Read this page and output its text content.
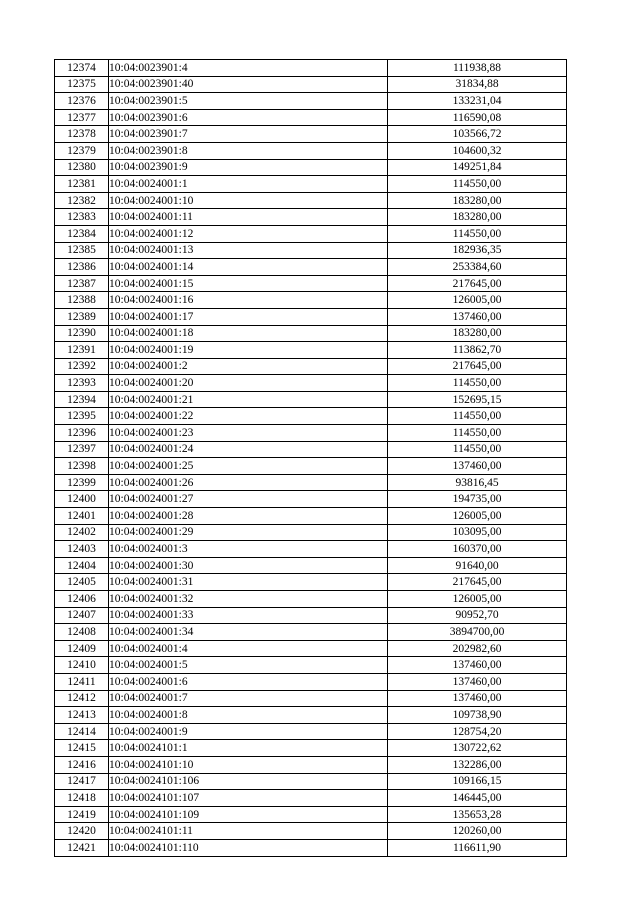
12374	10:04:0023901:4	111938,88
12375	10:04:0023901:40	31834,88
12376	10:04:0023901:5	133231,04
12377	10:04:0023901:6	116590,08
12378	10:04:0023901:7	103566,72
12379	10:04:0023901:8	104600,32
12380	10:04:0023901:9	149251,84
12381	10:04:0024001:1	114550,00
12382	10:04:0024001:10	183280,00
12383	10:04:0024001:11	183280,00
12384	10:04:0024001:12	114550,00
12385	10:04:0024001:13	182936,35
12386	10:04:0024001:14	253384,60
12387	10:04:0024001:15	217645,00
12388	10:04:0024001:16	126005,00
12389	10:04:0024001:17	137460,00
12390	10:04:0024001:18	183280,00
12391	10:04:0024001:19	113862,70
12392	10:04:0024001:2	217645,00
12393	10:04:0024001:20	114550,00
12394	10:04:0024001:21	152695,15
12395	10:04:0024001:22	114550,00
12396	10:04:0024001:23	114550,00
12397	10:04:0024001:24	114550,00
12398	10:04:0024001:25	137460,00
12399	10:04:0024001:26	93816,45
12400	10:04:0024001:27	194735,00
12401	10:04:0024001:28	126005,00
12402	10:04:0024001:29	103095,00
12403	10:04:0024001:3	160370,00
12404	10:04:0024001:30	91640,00
12405	10:04:0024001:31	217645,00
12406	10:04:0024001:32	126005,00
12407	10:04:0024001:33	90952,70
12408	10:04:0024001:34	3894700,00
12409	10:04:0024001:4	202982,60
12410	10:04:0024001:5	137460,00
12411	10:04:0024001:6	137460,00
12412	10:04:0024001:7	137460,00
12413	10:04:0024001:8	109738,90
12414	10:04:0024001:9	128754,20
12415	10:04:0024101:1	130722,62
12416	10:04:0024101:10	132286,00
12417	10:04:0024101:106	109166,15
12418	10:04:0024101:107	146445,00
12419	10:04:0024101:109	135653,28
12420	10:04:0024101:11	120260,00
12421	10:04:0024101:110	116611,90
